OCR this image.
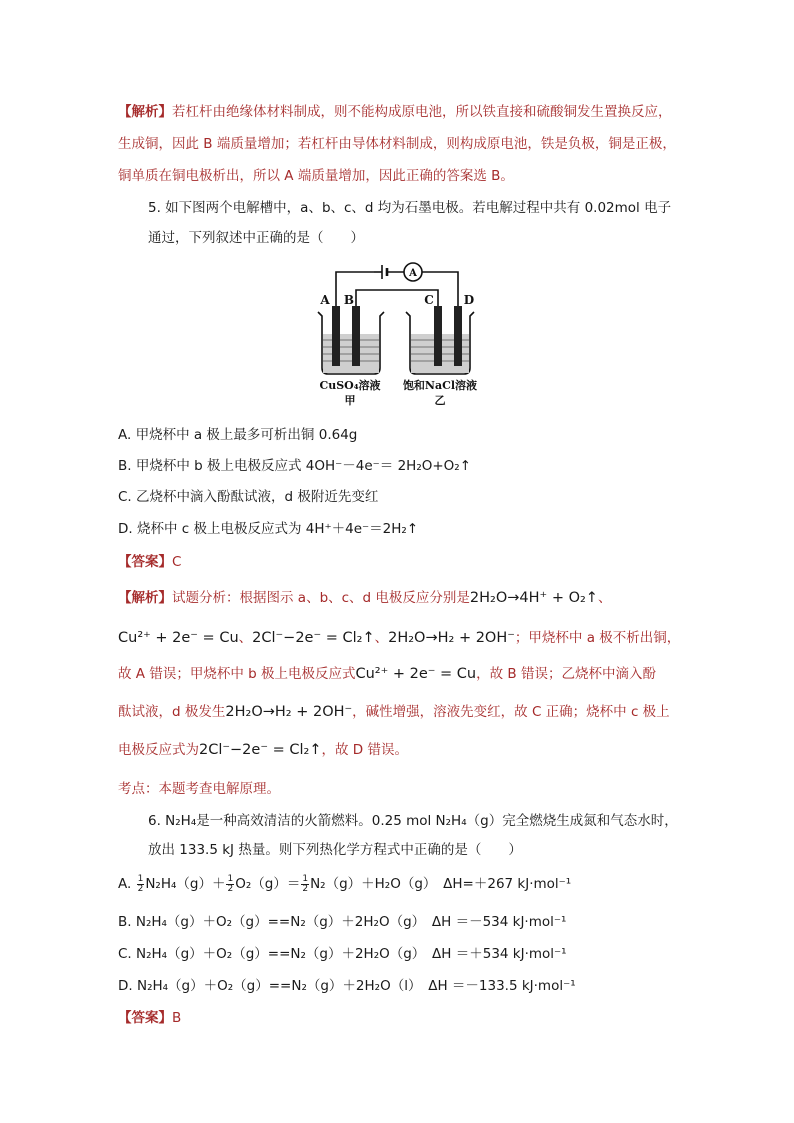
【解析】若杠杆由绝缘体材料制成，则不能构成原电池，所以铁直接和硫酸铜发生置换反应，
生成铜，因此 B 端质量增加；若杠杆由导体材料制成，则构成原电池，铁是负极，铜是正极，
铜单质在铜电极析出，所以 A 端质量增加，因此正确的答案选 B。
5. 如下图两个电解槽中，a、b、c、d 均为石墨电极。若电解过程中共有 0.02mol 电子
通过，下列叙述中正确的是（　　）
A B	C	D
A
CuSO₄溶液
甲
饱和NaCl溶液
乙
A. 甲烧杯中 a 极上最多可析出铜 0.64g
B. 甲烧杯中 b 极上电极反应式 4OH⁻－4e⁻＝ 2H₂O+O₂↑
C. 乙烧杯中滴入酚酞试液，d 极附近先变红
D. 烧杯中 c 极上电极反应式为 4H⁺＋4e⁻＝2H₂↑
【答案】C
【解析】试题分析：根据图示 a、b、c、d 电极反应分别是2H₂O→4H⁺ + O₂↑、
Cu²⁺ + 2e⁻ = Cu、2Cl⁻−2e⁻ = Cl₂↑、2H₂O→H₂ + 2OH⁻；甲烧杯中 a 极不析出铜，
故 A 错误；甲烧杯中 b 极上电极反应式Cu²⁺ + 2e⁻ = Cu，故 B 错误；乙烧杯中滴入酚
酞试液，d 极发生2H₂O→H₂ + 2OH⁻，碱性增强，溶液先变红，故 C 正确；烧杯中 c 极上
电极反应式为2Cl⁻−2e⁻ = Cl₂↑，故 D 错误。
考点：本题考查电解原理。
6. N₂H₄是一种高效清洁的火箭燃料。0.25 mol N₂H₄（g）完全燃烧生成氮和气态水时，
放出 133.5 kJ 热量。则下列热化学方程式中正确的是（　　）
A. $\frac{1}{2} N_2H_4(g)+ \frac{1}{2} O_2(g)= \frac{1}{2} N_2(g)+H_2O(g)$　ΔH=＋267 kJ·mol⁻¹
B. N₂H₄（g）＋O₂（g）==N₂（g）＋2H₂O（g）　ΔH ＝－534 kJ·mol⁻¹
C. N₂H₄（g）＋O₂（g）==N₂（g）＋2H₂O（g）　ΔH ＝＋534 kJ·mol⁻¹
D. N₂H₄（g）＋O₂（g）==N₂（g）＋2H₂O（l）　ΔH ＝－133.5 kJ·mol⁻¹
【答案】B
